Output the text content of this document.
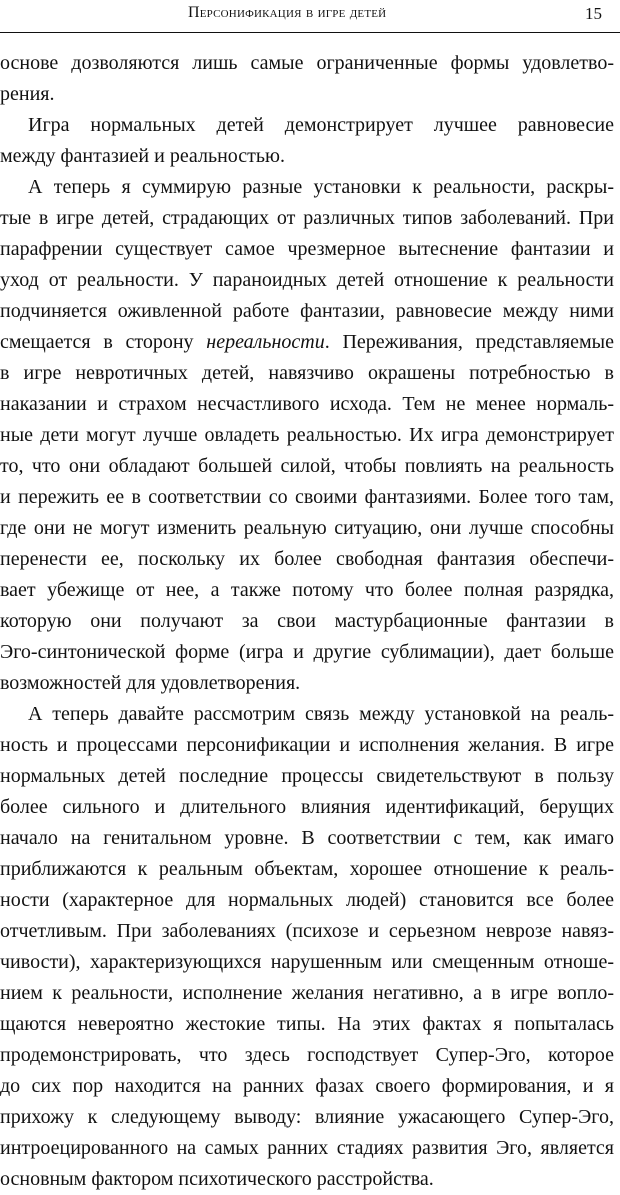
Персонификация в игре детей	15
основе дозволяются лишь самые ограниченные формы удовлетво-
рения.
Игра нормальных детей демонстрирует лучшее равновесие
между фантазией и реальностью.
А теперь я суммирую разные установки к реальности, раскры-
тые в игре детей, страдающих от различных типов заболеваний. При
парафрении существует самое чрезмерное вытеснение фантазии и
уход от реальности. У параноидных детей отношение к реальности
подчиняется оживленной работе фантазии, равновесие между ними
смещается в сторону нереальности. Переживания, представляемые
в игре невротичных детей, навязчиво окрашены потребностью в
наказании и страхом несчастливого исхода. Тем не менее нормаль-
ные дети могут лучше овладеть реальностью. Их игра демонстрирует
то, что они обладают большей силой, чтобы повлиять на реальность
и пережить ее в соответствии со своими фантазиями. Более того там,
где они не могут изменить реальную ситуацию, они лучше способны
перенести ее, поскольку их более свободная фантазия обеспечи-
вает убежище от нее, а также потому что более полная разрядка,
которую они получают за свои мастурбационные фантазии в
Эго-синтонической форме (игра и другие сублимации), дает больше
возможностей для удовлетворения.
А теперь давайте рассмотрим связь между установкой на реаль-
ность и процессами персонификации и исполнения желания. В игре
нормальных детей последние процессы свидетельствуют в пользу
более сильного и длительного влияния идентификаций, берущих
начало на генитальном уровне. В соответствии с тем, как имаго
приближаются к реальным объектам, хорошее отношение к реаль-
ности (характерное для нормальных людей) становится все более
отчетливым. При заболеваниях (психозе и серьезном неврозе навяз-
чивости), характеризующихся нарушенным или смещенным отноше-
нием к реальности, исполнение желания негативно, а в игре вопло-
щаются невероятно жестокие типы. На этих фактах я попыталась
продемонстрировать, что здесь господствует Супер-Эго, которое
до сих пор находится на ранних фазах своего формирования, и я
прихожу к следующему выводу: влияние ужасающего Супер-Эго,
интроецированного на самых ранних стадиях развития Эго, является
основным фактором психотического расстройства.
